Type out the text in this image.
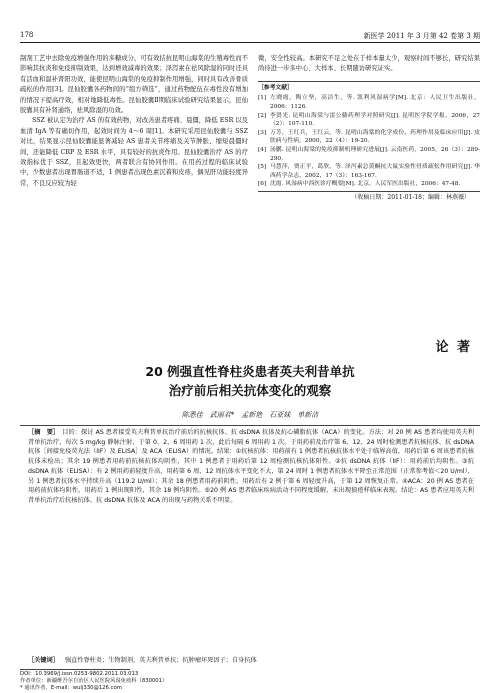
178	新医学 2011 年 3 月第 42 卷第 3 期

制剂工艺中去除免疫增强作用的多糖成分，可有效拮抗昆明山海棠的生殖毒性而不影响其抗炎和免疫抑制效果，达到增效减毒的效果；泽泻素在祛风除湿的同时还具有活血和温补肾阳功效，能使昆明山海棠的免疫抑制作用增强，同时具有改善骨质疏松的作用[3]。昆仙胶囊各药物间的“组方筛选”，通过药物配伍在毒性没有增加的情况下提高疗效，相对地降低毒性。昆仙胶囊Ⅱ期临床试验研究结果显示，昆仙胶囊具有补肾通络，祛风除湿的功效。

SSZ 被认定为治疗 AS 的有效药物，对改善患者疼痛、晨僵，降低 ESR 以及血清 IgA 等有确切作用，起效时间为 4～6 周[1]。本研究采用昆仙胶囊与 SSZ 对比，结果显示昆仙胶囊能显著减轻 AS 患者关节疼痛及关节肿胀、缩短晨僵时间，还能降低 CRP 及 ESR 水平，具有较好的抗炎作用。昆仙胶囊治疗 AS 的疗效指标优于 SSZ，且起效更快，两者联合有协同作用。在用药过程的临床试验中，少数患者出现胃肠道不适，1 例患者出现色素沉着和皮疹，偶见肝功能轻度异常，不良反应较为轻

微，安全性较高。本研究不足之处在于样本量太少，观察时间不够长，研究结果尚待进一步多中心、大样本、长期随访研究证实。
［参考文献］
[1] 左晓霞，陶立坚，高洁生，等. 凯利风湿病学[M]. 北京：人民卫生出版社，2006：1126.
[2] 李贤光. 昆明山海棠与雷公藤药理学对照研究[J]. 昆明医学院学报，2006，27（2）：107-110.
[3] 万芳，王红兵，王红云，等. 昆明山海棠的化学成份、药理作用及临床应用[J]. 皮肤病与性病，2000，22（4）：19-20.
[4] 汤鹏. 昆明山海棠的免疫抑制机理研究进展[J]. 云南医药，2005，26（3）：289-290.
[5] 马慧萍，贾正平，葛欣，等. 泽泻素总黄酮抗大鼠实验性骨质疏松作用研究[J]. 华西药学杂志，2002，17（3）：163-167.
[6] 沈霞. 风湿病中西医诊疗概要[M]. 北京，人民军医出版社，2006：47-48.
（收稿日期：2011-01-18；编辑：林燕薇）
论 著
20 例强直性脊柱炎患者英夫利昔单抗
治疗前后相关抗体变化的观察
陈悉佳　武丽君*　孟新艳　石亚妹　单新洁
［摘　要］ 目的：探讨 AS 患者接受英夫利昔单抗治疗前后的抗核抗体、抗 dsDNA 抗体及抗心磷脂抗体（ACA）的变化。方法：对 20 例 AS 患者均使用英夫利昔单抗治疗，每次 5 mg/kg 静脉注射，于第 0、2、6 周用药 1 次，此后每隔 6 周用药 1 次。于用药前及治疗第 6、12、24 周时检测患者抗核抗体、抗 dsDNA 抗体［间接免疫荧光法（IIF）及 ELISA］及 ACA（ELISA）的情况。结果：①抗核抗体：用药前有 1 例患者抗核抗体水平处于临界高值，用药后第 6 周该患者抗核抗体未检出；其余 19 例患者用药前抗核抗体均阴性，其中 1 例患者于用药后第 12 周检测抗核抗体阳性。②抗 dsDNA 抗体（IIF）：用药前后均阴性。③抗 dsDNA 抗体（ELISA）：有 2 例用药前轻度升高，用药第 6 周、12 周抗体水平变化不大，第 24 周时 1 例患者抗体水平降至正常范围（正常参考值＜20 U/ml），另 1 例患者抗体水平持续升高（119.2 U/ml）；其余 18 例患者用药前阴性，用药后有 2 例于第 6 周轻度升高，于第 12 周恢复正常。④ACA：20 例 AS 患者在用药前抗体均阴性，用药后 1 例出现阳性，其余 18 例均阴性。⑤20 例 AS 患者临床疾病活动不同程度缓解，未出现狼疮样临床表现。结论：AS 患者应用英夫利昔单抗治疗后抗核抗体、抗 dsDNA 抗体及 ACA 的出现与药物关系不明显。
［关键词］ 强直性脊柱炎；生物制剂，英夫利昔单抗；抗肿瘤坏死因子；自身抗体
DOI：10.3969/j.issn.0253-9802.2011.03.013
作者单位：新疆维吾尔自治区人民医院风湿免疫科（830001）
* 通讯作者，E-mail：wulj330@126.com
